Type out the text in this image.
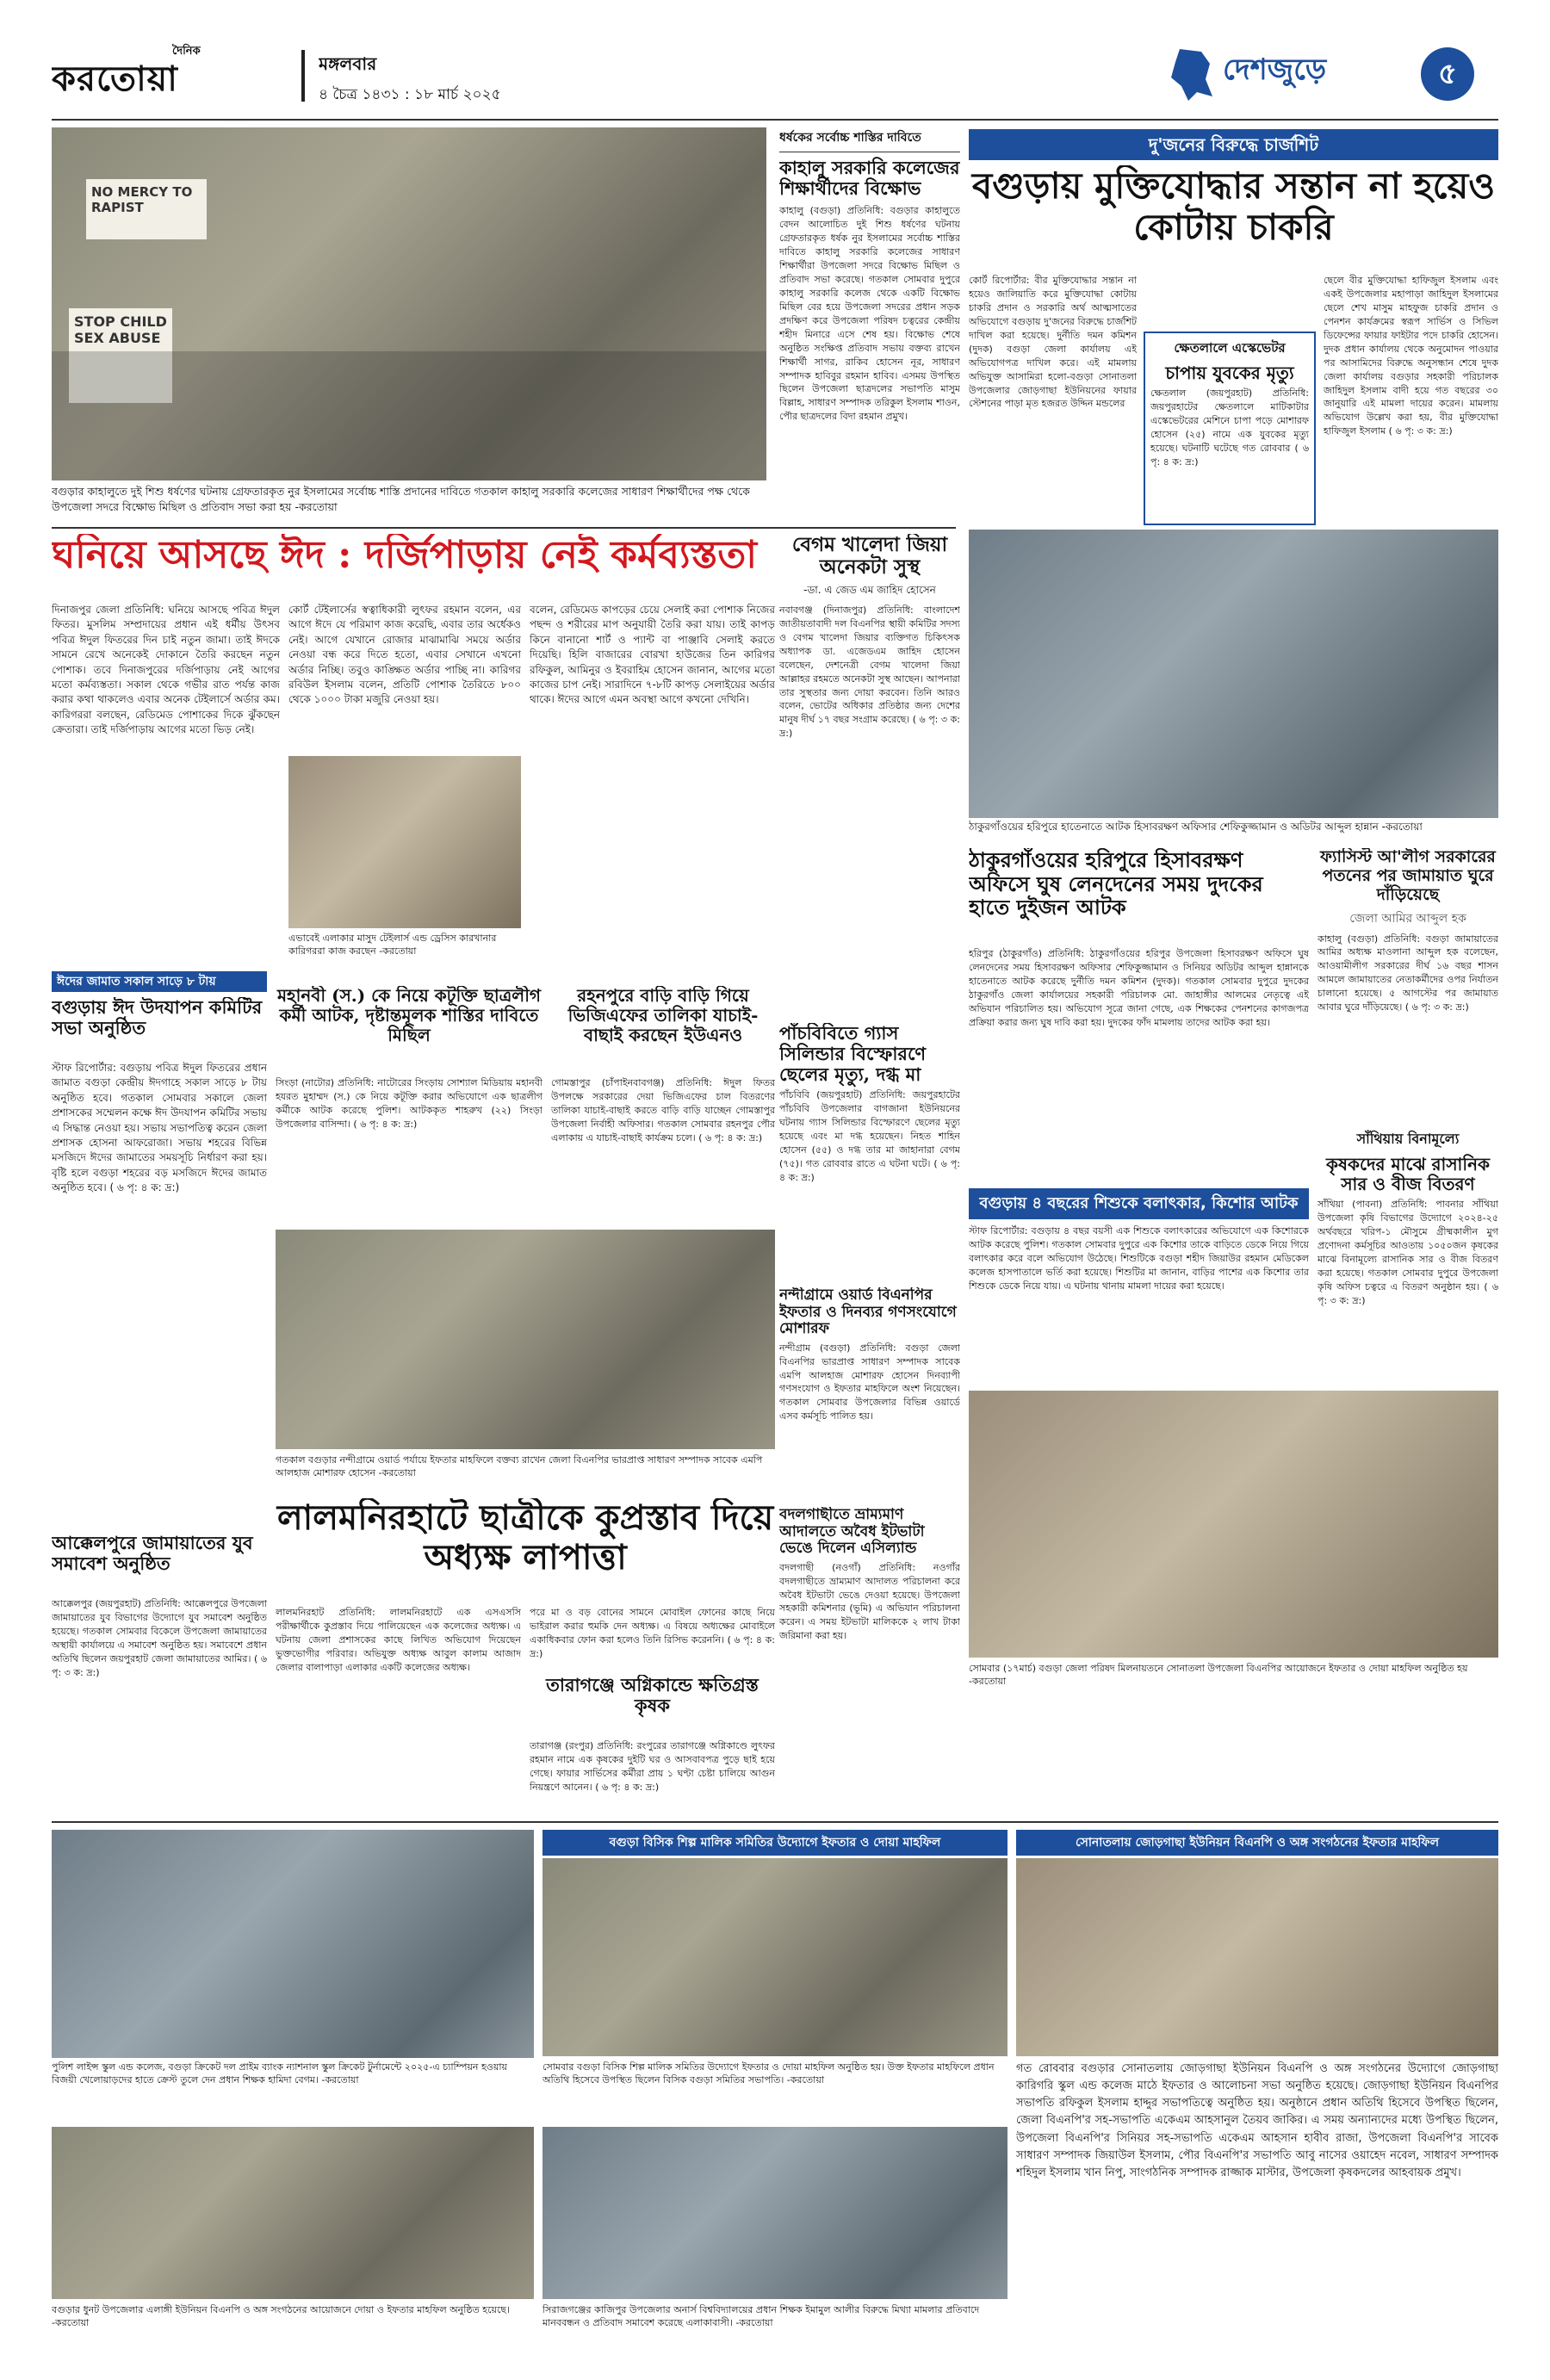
দৈনিক
করতোয়া	মঙ্গলবার
৪ চৈত্র ১৪৩১ : ১৮ মার্চ ২০২৫
দেশজুড়ে	৫
NO MERCY TO RAPIST
STOP CHILD SEX ABUSE
বগুড়ার কাহালুতে দুই শিশু ধর্ষণের ঘটনায় গ্রেফতারকৃত নুর ইসলামের সর্বোচ্চ শাস্তি প্রদানের দাবিতে গতকাল কাহালু সরকারি কলেজের সাধারণ শিক্ষার্থীদের পক্ষ থেকে উপজেলা সদরে বিক্ষোভ মিছিল ও প্রতিবাদ সভা করা হয় -করতোয়া
ধর্ষকের সর্বোচ্চ শাস্তির দাবিতে
কাহালু সরকারি কলেজের শিক্ষার্থীদের বিক্ষোভ
কাহালু (বগুড়া) প্রতিনিধি: বগুড়ার কাহালুতে বেদন আলোচিত দুই শিশু ধর্ষণের ঘটনায় গ্রেফতারকৃত ধর্ষক নুর ইসলামের সর্বোচ্চ শাস্তির দাবিতে কাহালু সরকারি কলেজের সাধারণ শিক্ষার্থীরা উপজেলা সদরে বিক্ষোভ মিছিল ও প্রতিবাদ সভা করেছে। গতকাল সোমবার দুপুরে কাহালু সরকারি কলেজ থেকে একটি বিক্ষোভ মিছিল বের হয়ে উপজেলা সদরের প্রধান সড়ক প্রদক্ষিণ করে উপজেলা পরিষদ চত্বরের কেন্দ্রীয় শহীদ মিনারে এসে শেষ হয়। বিক্ষোভ শেষে অনুষ্ঠিত সংক্ষিপ্ত প্রতিবাদ সভায় বক্তব্য রাখেন শিক্ষার্থী সাগর, রাকিব হোসেন নূর, সাধারণ সম্পাদক হাবিবুর রহমান হাবিব। এসময় উপস্থিত ছিলেন উপজেলা ছাত্রদলের সভাপতি মাসুম বিল্লাহ, সাধারণ সম্পাদক তরিকুল ইসলাম শাওন, পৌর ছাত্রদলের বিদা রহমান প্রমুখ।
দু'জনের বিরুদ্ধে চার্জশিট
বগুড়ায় মুক্তিযোদ্ধার সন্তান না হয়েও কোটায় চাকরি
কোর্ট রিপোর্টার: বীর মুক্তিযোদ্ধার সন্তান না হয়েও জালিয়াতি করে মুক্তিযোদ্ধা কোটায় চাকরি প্রদান ও সরকারি অর্থ আত্মসাতের অভিযোগে বগুড়ায় দু'জনের বিরুদ্ধে চার্জশিট দাখিল করা হয়েছে। দুর্নীতি দমন কমিশন (দুদক) বগুড়া জেলা কার্যালয় এই অভিযোগপত্র দাখিল করে। এই মামলায় অভিযুক্ত আসামিরা হলো-বগুড়া সোনাতলা উপজেলার জোড়গাছা ইউনিয়নের ফায়ার স্টেশনের পাড়া মৃত হজরত উদ্দিন মন্ডলের
ক্ষেতলালে এস্কেভেটর
চাপায় যুবকের মৃত্যু
ক্ষেতলাল (জয়পুরহাট) প্রতিনিধি: জয়পুরহাটের ক্ষেতলালে মাটিকাটার এস্কেভেটরের মেশিনে চাপা পড়ে মোশারফ হোসেন (২৫) নামে এক যুবকের মৃত্যু হয়েছে। ঘটনাটি ঘটেছে গত রোববার ( ৬ পৃ: ৪ ক: দ্র:)
ছেলে বীর মুক্তিযোদ্ধা হাফিজুল ইসলাম এবং একই উপজেলার মহাপাড়া জাহিদুল ইসলামের ছেলে শেখ মাসুম মাহফুজ চাকরি প্রদান ও পেনশন কার্যক্রমের স্বরূপ সার্ভিস ও সিভিল ডিফেন্সের ফায়ার ফাইটার পদে চাকরি হোসেন। দুদক প্রধান কার্যালয় থেকে অনুমোদন পাওয়ার পর আসামিদের বিরুদ্ধে অনুসন্ধান শেষে দুদক জেলা কার্যালয় বগুড়ার সহকারী পরিচালক জাহিদুল ইসলাম বাদী হয়ে গত বছরের ৩০ জানুয়ারি এই মামলা দায়ের করেন। মামলায় অভিযোগ উল্লেখ করা হয়, বীর মুক্তিযোদ্ধা হাফিজুল ইসলাম ( ৬ পৃ: ৩ ক: দ্র:)
ঘনিয়ে আসছে ঈদ : দর্জিপাড়ায় নেই কর্মব্যস্ততা
দিনাজপুর জেলা প্রতিনিধি: ঘনিয়ে আসছে পবিত্র ঈদুল ফিতর। মুসলিম সম্প্রদায়ের প্রধান এই ধর্মীয় উৎসব পবিত্র ঈদুল ফিতরের দিন চাই নতুন জামা। তাই ঈদকে সামনে রেখে অনেকেই দোকানে তৈরি করছেন নতুন পোশাক। তবে দিনাজপুরের দর্জিপাড়ায় নেই আগের মতো কর্মব্যস্ততা। সকাল থেকে গভীর রাত পর্যন্ত কাজ করার কথা থাকলেও এবার অনেক টেইলার্সে অর্ডার কম। কারিগররা বলছেন, রেডিমেড পোশাকের দিকে ঝুঁকছেন ক্রেতারা। তাই দর্জিপাড়ায় আগের মতো ভিড় নেই।
কোর্ট টেইলার্সের স্বত্বাধিকারী লুৎফর রহমান বলেন, এর আগে ঈদে যে পরিমাণ কাজ করেছি, এবার তার অর্ধেকও নেই। আগে যেখানে রোজার মাঝামাঝি সময়ে অর্ডার নেওয়া বন্ধ করে দিতে হতো, এবার সেখানে এখনো অর্ডার নিচ্ছি। তবুও কাঙ্ক্ষিত অর্ডার পাচ্ছি না। কারিগর রবিউল ইসলাম বলেন, প্রতিটি পোশাক তৈরিতে ৮০০ থেকে ১০০০ টাকা মজুরি নেওয়া হয়।
বলেন, রেডিমেড কাপড়ের চেয়ে সেলাই করা পোশাক নিজের পছন্দ ও শরীরের মাপ অনুযায়ী তৈরি করা যায়। তাই কাপড় কিনে বানানো শার্ট ও প্যান্ট বা পাঞ্জাবি সেলাই করতে দিয়েছি। হিলি বাজারের বোরখা হাউজের তিন কারিগর রফিকুল, আমিনুর ও ইবরাহিম হোসেন জানান, আগের মতো কাজের চাপ নেই। সারাদিনে ৭-৮টি কাপড় সেলাইয়ের অর্ডার থাকে। ঈদের আগে এমন অবস্থা আগে কখনো দেখিনি।
এভাবেই এলাকার মাসুদ টেইলার্স এন্ড ড্রেসিস কারখানার কারিগররা কাজ করছেন -করতোয়া
বেগম খালেদা জিয়া অনেকটা সুস্থ
-ডা. এ জেড এম জাহিদ হোসেন
নবাবগঞ্জ (দিনাজপুর) প্রতিনিধি: বাংলাদেশ জাতীয়তাবাদী দল বিএনপির স্থায়ী কমিটির সদস্য ও বেগম খালেদা জিয়ার ব্যক্তিগত চিকিৎসক অধ্যাপক ডা. এজেডএম জাহিদ হোসেন বলেছেন, দেশনেত্রী বেগম খালেদা জিয়া আল্লাহর রহমতে অনেকটা সুস্থ আছেন। আপনারা তার সুস্থতার জন্য দোয়া করবেন। তিনি আরও বলেন, ভোটের অধিকার প্রতিষ্ঠার জন্য দেশের মানুষ দীর্ঘ ১৭ বছর সংগ্রাম করেছে। ( ৬ পৃ: ৩ ক: দ্র:)
ঠাকুরগাঁওয়ের হরিপুরে হাতেনাতে আটক হিসাবরক্ষণ অফিসার শেফিকুজ্জামান ও অডিটর আব্দুল হান্নান -করতোয়া
ঠাকুরগাঁওয়ের হরিপুরে হিসাবরক্ষণ অফিসে ঘুষ লেনদেনের সময় দুদকের হাতে দুইজন আটক
হরিপুর (ঠাকুরগাঁও) প্রতিনিধি: ঠাকুরগাঁওয়ের হরিপুর উপজেলা হিসাবরক্ষণ অফিসে ঘুষ লেনদেনের সময় হিসাবরক্ষণ অফিসার শেফিকুজ্জামান ও সিনিয়র অডিটর আব্দুল হান্নানকে হাতেনাতে আটক করেছে দুর্নীতি দমন কমিশন (দুদক)। গতকাল সোমবার দুপুরে দুদকের ঠাকুরগাঁও জেলা কার্যালয়ের সহকারী পরিচালক মো. জাহাঙ্গীর আলমের নেতৃত্বে এই অভিযান পরিচালিত হয়। অভিযোগ সূত্রে জানা গেছে, এক শিক্ষকের পেনশনের কাগজপত্র প্রক্রিয়া করার জন্য ঘুষ দাবি করা হয়। দুদকের ফাঁদ মামলায় তাদের আটক করা হয়।
ফ্যাসিস্ট আ'লীগ সরকারের পতনের পর জামায়াত ঘুরে দাঁড়িয়েছে
জেলা আমির আব্দুল হক
কাহালু (বগুড়া) প্রতিনিধি: বগুড়া জামায়াতের আমির অধ্যক্ষ মাওলানা আব্দুল হক বলেছেন, আওয়ামীলীগ সরকারের দীর্ঘ ১৬ বছর শাসন আমলে জামায়াতের নেতাকর্মীদের ওপর নির্যাতন চালানো হয়েছে। ৫ আগস্টের পর জামায়াত আবার ঘুরে দাঁড়িয়েছে। ( ৬ পৃ: ৩ ক: দ্র:)
সাঁথিয়ায় বিনামূল্যে
কৃষকদের মাঝে রাসানিক সার ও বীজ বিতরণ
সাঁথিয়া (পাবনা) প্রতিনিধি: পাবনার সাঁথিয়া উপজেলা কৃষি বিভাগের উদ্যোগে ২০২৪-২৫ অর্থবছরে খরিপ-১ মৌসুমে গ্রীষ্মকালীন মুগ প্রণোদনা কর্মসূচির আওতায় ১০৫০জন কৃষকের মাঝে বিনামূল্যে রাসানিক সার ও বীজ বিতরণ করা হয়েছে। গতকাল সোমবার দুপুরে উপজেলা কৃষি অফিস চত্বরে এ বিতরণ অনুষ্ঠান হয়। ( ৬ পৃ: ৩ ক: দ্র:)
ঈদের জামাত সকাল সাড়ে ৮ টায়
বগুড়ায় ঈদ উদযাপন কমিটির সভা অনুষ্ঠিত
স্টাফ রিপোর্টার: বগুড়ায় পবিত্র ঈদুল ফিতরের প্রধান জামাত বগুড়া কেন্দ্রীয় ঈদগাহে সকাল সাড়ে ৮ টায় অনুষ্ঠিত হবে। গতকাল সোমবার সকালে জেলা প্রশাসকের সম্মেলন কক্ষে ঈদ উদযাপন কমিটির সভায় এ সিদ্ধান্ত নেওয়া হয়। সভায় সভাপতিত্ব করেন জেলা প্রশাসক হোসনা আফরোজা। সভায় শহরের বিভিন্ন মসজিদে ঈদের জামাতের সময়সূচি নির্ধারণ করা হয়। বৃষ্টি হলে বগুড়া শহরের বড় মসজিদে ঈদের জামাত অনুষ্ঠিত হবে। ( ৬ পৃ: ৪ ক: দ্র:)
মহানবী (স.) কে নিয়ে কটূক্তি ছাত্রলীগ কর্মী আটক, দৃষ্টান্তমূলক শাস্তির দাবিতে মিছিল
সিংড়া (নাটোর) প্রতিনিধি: নাটোরের সিংড়ায় সোশ্যাল মিডিয়ায় মহানবী হযরত মুহাম্মদ (স.) কে নিয়ে কটূক্তি করার অভিযোগে এক ছাত্রলীগ কর্মীকে আটক করেছে পুলিশ। আটককৃত শাহরুখ (২২) সিংড়া উপজেলার বাসিন্দা। ( ৬ পৃ: ৪ ক: দ্র:)
রহনপুরে বাড়ি বাড়ি গিয়ে ভিজিএফের তালিকা যাচাই-বাছাই করছেন ইউএনও
গোমস্তাপুর (চাঁপাইনবাবগঞ্জ) প্রতিনিধি: ঈদুল ফিতর উপলক্ষে সরকারের দেয়া ভিজিএফের চাল বিতরণের তালিকা যাচাই-বাছাই করতে বাড়ি বাড়ি যাচ্ছেন গোমস্তাপুর উপজেলা নির্বাহী অফিসার। গতকাল সোমবার রহনপুর পৌর এলাকায় এ যাচাই-বাছাই কার্যক্রম চলে। ( ৬ পৃ: ৪ ক: দ্র:)
গতকাল বগুড়ার নন্দীগ্রামে ওয়ার্ড পর্যায়ে ইফতার মাহফিলে বক্তব্য রাখেন জেলা বিএনপির ভারপ্রাপ্ত সাধারণ সম্পাদক সাবেক এমপি আলহাজ মোশারফ হোসেন -করতোয়া
পাঁচবিবিতে গ্যাস সিলিন্ডার বিস্ফোরণে ছেলের মৃত্যু, দগ্ধ মা
পাঁচবিবি (জয়পুরহাট) প্রতিনিধি: জয়পুরহাটের পাঁচবিবি উপজেলার বাগজানা ইউনিয়নের ঘটনায় গ্যাস সিলিন্ডার বিস্ফোরণে ছেলের মৃত্যু হয়েছে এবং মা দগ্ধ হয়েছেন। নিহত শাহিন হোসেন (৫৫) ও দগ্ধ তার মা জাহানারা বেগম (৭৫)। গত রোববার রাতে এ ঘটনা ঘটে। ( ৬ পৃ: ৪ ক: দ্র:)
নন্দীগ্রামে ওয়ার্ড বিএনপির ইফতার ও দিনব্যর গণসংযোগে মোশারফ
নন্দীগ্রাম (বগুড়া) প্রতিনিধি: বগুড়া জেলা বিএনপির ভারপ্রাপ্ত সাধারণ সম্পাদক সাবেক এমপি আলহাজ মোশারফ হোসেন দিনব্যাপী গণসংযোগ ও ইফতার মাহফিলে অংশ নিয়েছেন। গতকাল সোমবার উপজেলার বিভিন্ন ওয়ার্ডে এসব কর্মসূচি পালিত হয়।
বগুড়ায় ৪ বছরের শিশুকে বলাৎকার, কিশোর আটক
স্টাফ রিপোর্টার: বগুড়ায় ৪ বছর বয়সী এক শিশুকে বলাৎকারের অভিযোগে এক কিশোরকে আটক করেছে পুলিশ। গতকাল সোমবার দুপুরে এক কিশোর তাকে বাড়িতে ডেকে নিয়ে গিয়ে বলাৎকার করে বলে অভিযোগ উঠেছে। শিশুটিকে বগুড়া শহীদ জিয়াউর রহমান মেডিকেল কলেজ হাসপাতালে ভর্তি করা হয়েছে। শিশুটির মা জানান, বাড়ির পাশের এক কিশোর তার শিশুকে ডেকে নিয়ে যায়। এ ঘটনায় থানায় মামলা দায়ের করা হয়েছে।
লালমনিরহাটে ছাত্রীকে কুপ্রস্তাব দিয়ে অধ্যক্ষ লাপাত্তা
লালমনিরহাট প্রতিনিধি: লালমনিরহাটে এক এসএসসি পরীক্ষার্থীকে কুপ্রস্তাব দিয়ে পালিয়েছেন এক কলেজের অধ্যক্ষ। এ ঘটনায় জেলা প্রশাসকের কাছে লিখিত অভিযোগ দিয়েছেন ভুক্তভোগীর পরিবার। অভিযুক্ত অধ্যক্ষ আবুল কালাম আজাদ জেলার বালাপাড়া এলাকার একটি কলেজের অধ্যক্ষ।
পরে মা ও বড় বোনের সামনে মোবাইল ফোনের কাছে নিয়ে ভাইরাল করার হুমকি দেন অধ্যক্ষ। এ বিষয়ে অধ্যক্ষের মোবাইলে একাধিকবার ফোন করা হলেও তিনি রিসিভ করেননি। ( ৬ পৃ: ৪ ক: দ্র:)
তারাগঞ্জে অগ্নিকান্ডে ক্ষতিগ্রস্ত কৃষক
তারাগঞ্জ (রংপুর) প্রতিনিধি: রংপুরের তারাগঞ্জে অগ্নিকাণ্ডে লুৎফর রহমান নামে এক কৃষকের দুইটি ঘর ও আসবাবপত্র পুড়ে ছাই হয়ে গেছে। ফায়ার সার্ভিসের কর্মীরা প্রায় ১ ঘণ্টা চেষ্টা চালিয়ে আগুন নিয়ন্ত্রণে আনেন। ( ৬ পৃ: ৪ ক: দ্র:)
আক্কেলপুরে জামায়াতের যুব সমাবেশ অনুষ্ঠিত
আক্কেলপুর (জয়পুরহাট) প্রতিনিধি: আক্কেলপুরে উপজেলা জামায়াতের যুব বিভাগের উদ্যোগে যুব সমাবেশ অনুষ্ঠিত হয়েছে। গতকাল সোমবার বিকেলে উপজেলা জামায়াতের অস্থায়ী কার্যালয়ে এ সমাবেশ অনুষ্ঠিত হয়। সমাবেশে প্রধান অতিথি ছিলেন জয়পুরহাট জেলা জামায়াতের আমির। ( ৬ পৃ: ৩ ক: দ্র:)
বদলগাছীতে ভ্রাম্যমাণ আদালতে অবৈধ ইটভাটা ভেঙে দিলেন এসিল্যান্ড
বদলগাছী (নওগাঁ) প্রতিনিধি: নওগাঁর বদলগাছীতে ভ্রাম্যমাণ আদালত পরিচালনা করে অবৈধ ইটভাটা ভেঙে দেওয়া হয়েছে। উপজেলা সহকারী কমিশনার (ভূমি) এ অভিযান পরিচালনা করেন। এ সময় ইটভাটা মালিককে ২ লাখ টাকা জরিমানা করা হয়।
সোমবার (১৭মার্চ) বগুড়া জেলা পরিষদ মিলনায়তনে সোনাতলা উপজেলা বিএনপির আয়োজনে ইফতার ও দোয়া মাহফিল অনুষ্ঠিত হয় -করতোয়া
পুলিশ লাইন্স স্কুল এন্ড কলেজ, বগুড়া ক্রিকেট দল প্রাইম ব্যাংক ন্যাশনাল স্কুল ক্রিকেট টুর্নামেন্টে ২০২৫-এ চ্যাম্পিয়ন হওয়ায় বিজয়ী খেলোয়াড়দের হাতে ক্রেস্ট তুলে দেন প্রধান শিক্ষক হামিদা বেগম। -করতোয়া
বগুড়া বিসিক শিল্প মালিক সমিতির উদ্যোগে ইফতার ও দোয়া মাহফিল
সোমবার বগুড়া বিসিক শিল্প মালিক সমিতির উদ্যোগে ইফতার ও দোয়া মাহফিল অনুষ্ঠিত হয়। উক্ত ইফতার মাহফিলে প্রধান অতিথি হিসেবে উপস্থিত ছিলেন বিসিক বগুড়া সমিতির সভাপতি। -করতোয়া
সোনাতলায় জোড়গাছা ইউনিয়ন বিএনপি ও অঙ্গ সংগঠনের ইফতার মাহফিল
গত রোববার বগুড়ার সোনাতলায় জোড়গাছা ইউনিয়ন বিএনপি ও অঙ্গ সংগঠনের উদ্যোগে জোড়গাছা কারিগরি স্কুল এন্ড কলেজ মাঠে ইফতার ও আলোচনা সভা অনুষ্ঠিত হয়েছে। জোড়গাছা ইউনিয়ন বিএনপির সভাপতি রফিকুল ইসলাম হাদ্দুর সভাপতিত্বে অনুষ্ঠিত হয়। অনুষ্ঠানে প্রধান অতিথি হিসেবে উপস্থিত ছিলেন, জেলা বিএনপি'র সহ-সভাপতি একেএম আহসানুল তৈয়ব জাকির। এ সময় অন্যান্যদের মধ্যে উপস্থিত ছিলেন, উপজেলা বিএনপি'র সিনিয়র সহ-সভাপতি একেএম আহসান হাবীব রাজা, উপজেলা বিএনপি'র সাবেক সাধারণ সম্পাদক জিয়াউল ইসলাম, পৌর বিএনপি'র সভাপতি আবু নাসের ওয়াহেদ নবেল, সাধারণ সম্পাদক শহিদুল ইসলাম খান নিপু, সাংগঠনিক সম্পাদক রাজ্জাক মাস্টার, উপজেলা কৃষকদলের আহবায়ক প্রমুখ।
বগুড়ার ধুনট উপজেলার এলাঙ্গী ইউনিয়ন বিএনপি ও অঙ্গ সংগঠনের আয়োজনে দোয়া ও ইফতার মাহফিল অনুষ্ঠিত হয়েছে। -করতোয়া
সিরাজগঞ্জের কাজিপুর উপজেলার অনার্স বিশ্ববিদ্যালয়ের প্রধান শিক্ষক ইমামুল আলীর বিরুদ্ধে মিথ্যা মামলার প্রতিবাদে মানববন্ধন ও প্রতিবাদ সমাবেশ করেছে এলাকাবাসী। -করতোয়া
